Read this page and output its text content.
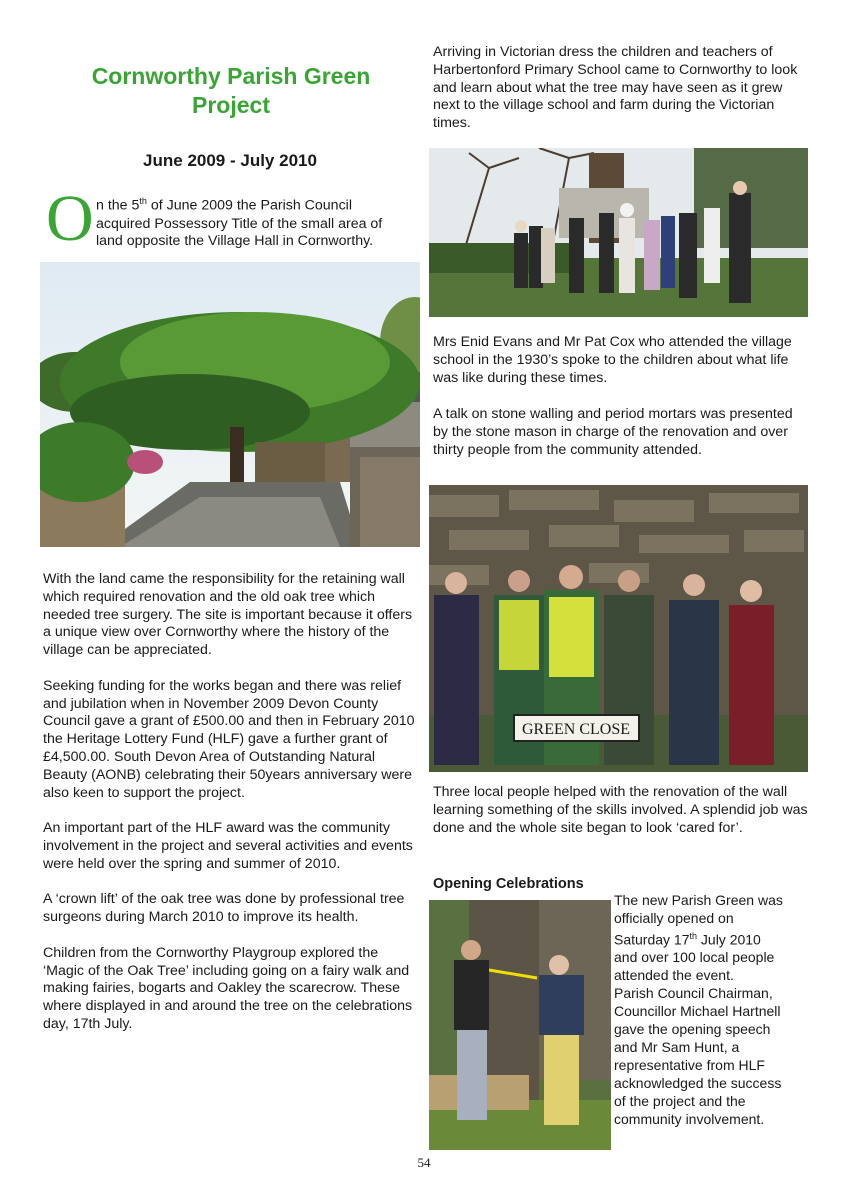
Cornworthy Parish Green
Project
June 2009 - July 2010
O n the 5th of June 2009 the Parish Council
acquired Possessory Title of the small area of
land opposite the Village Hall in Cornworthy.

With the land came the responsibility for the retaining wall which required renovation and the old oak tree which needed tree surgery. The site is important because it offers a unique view over Cornworthy where the history of the village can be appreciated.

Seeking funding for the works began and there was relief and jubilation when in November 2009 Devon County Council gave a grant of £500.00 and then in February 2010 the Heritage Lottery Fund (HLF) gave a further grant of £4,500.00. South Devon Area of Outstanding Natural Beauty (AONB) celebrating their 50years anniversary were also keen to support the project.

An important part of the HLF award was the community involvement in the project and several activities and events were held over the spring and summer of 2010.

A ‘crown lift’ of the oak tree was done by professional tree surgeons during March 2010 to improve its health.

Children from the Cornworthy Playgroup explored the ‘Magic of the Oak Tree’ including going on a fairy walk and making fairies, bogarts and Oakley the scarecrow. These where displayed in and around the tree on the celebrations day, 17th July.

Arriving in Victorian dress the children and teachers of Harbertonford Primary School came to Cornworthy to look and learn about what the tree may have seen as it grew next to the village school and farm during the Victorian times.

Mrs Enid Evans and Mr Pat Cox who attended the village school in the 1930’s spoke to the children about what life was like during these times.

A talk on stone walling and period mortars was presented by the stone mason in charge of the renovation and over thirty people from the community attended.

GREEN CLOSE

Three local people helped with the renovation of the wall learning something of the skills involved. A splendid job was done and the whole site began to look ‘cared for’.

Opening Celebrations
The new Parish Green was
officially opened on
Saturday 17th July 2010
and over 100 local people
attended the event.
Parish Council Chairman,
Councillor Michael Hartnell
gave the opening speech
and Mr Sam Hunt, a
representative from HLF
acknowledged the success
of the project and the
community involvement.
54
